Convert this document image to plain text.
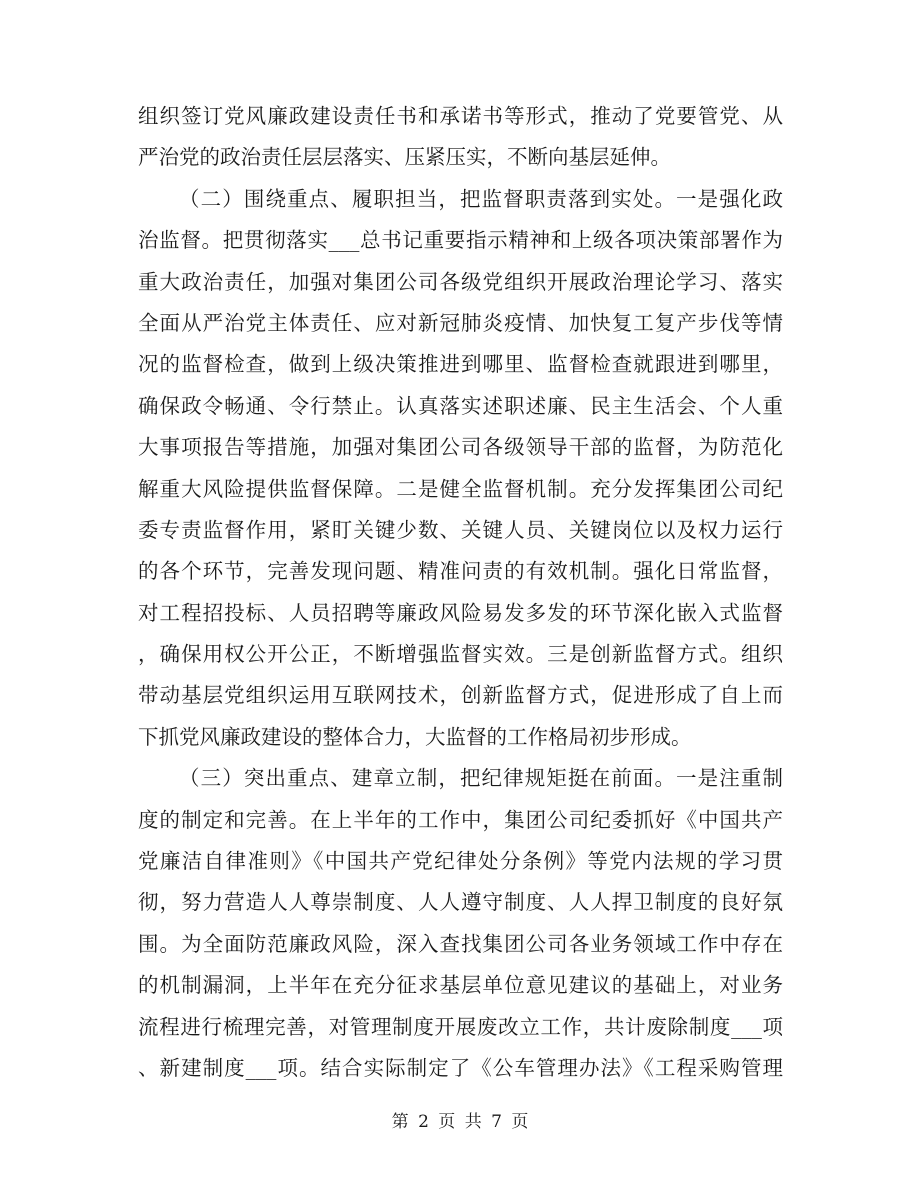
组织签订党风廉政建设责任书和承诺书等形式，推动了党要管党、从
严治党的政治责任层层落实、压紧压实，不断向基层延伸。
（二）围绕重点、履职担当，把监督职责落到实处。一是强化政
治监督。把贯彻落实___总书记重要指示精神和上级各项决策部署作为
重大政治责任，加强对集团公司各级党组织开展政治理论学习、落实
全面从严治党主体责任、应对新冠肺炎疫情、加快复工复产步伐等情
况的监督检查，做到上级决策推进到哪里、监督检查就跟进到哪里，
确保政令畅通、令行禁止。认真落实述职述廉、民主生活会、个人重
大事项报告等措施，加强对集团公司各级领导干部的监督，为防范化
解重大风险提供监督保障。二是健全监督机制。充分发挥集团公司纪
委专责监督作用，紧盯关键少数、关键人员、关键岗位以及权力运行
的各个环节，完善发现问题、精准问责的有效机制。强化日常监督，
对工程招投标、人员招聘等廉政风险易发多发的环节深化嵌入式监督
，确保用权公开公正，不断增强监督实效。三是创新监督方式。组织
带动基层党组织运用互联网技术，创新监督方式，促进形成了自上而
下抓党风廉政建设的整体合力，大监督的工作格局初步形成。
（三）突出重点、建章立制，把纪律规矩挺在前面。一是注重制
度的制定和完善。在上半年的工作中，集团公司纪委抓好《中国共产
党廉洁自律准则》《中国共产党纪律处分条例》等党内法规的学习贯
彻，努力营造人人尊崇制度、人人遵守制度、人人捍卫制度的良好氛
围。为全面防范廉政风险，深入查找集团公司各业务领域工作中存在
的机制漏洞，上半年在充分征求基层单位意见建议的基础上，对业务
流程进行梳理完善，对管理制度开展废改立工作，共计废除制度___项
、新建制度___项。结合实际制定了《公车管理办法》《工程采购管理
第 2 页 共 7 页
